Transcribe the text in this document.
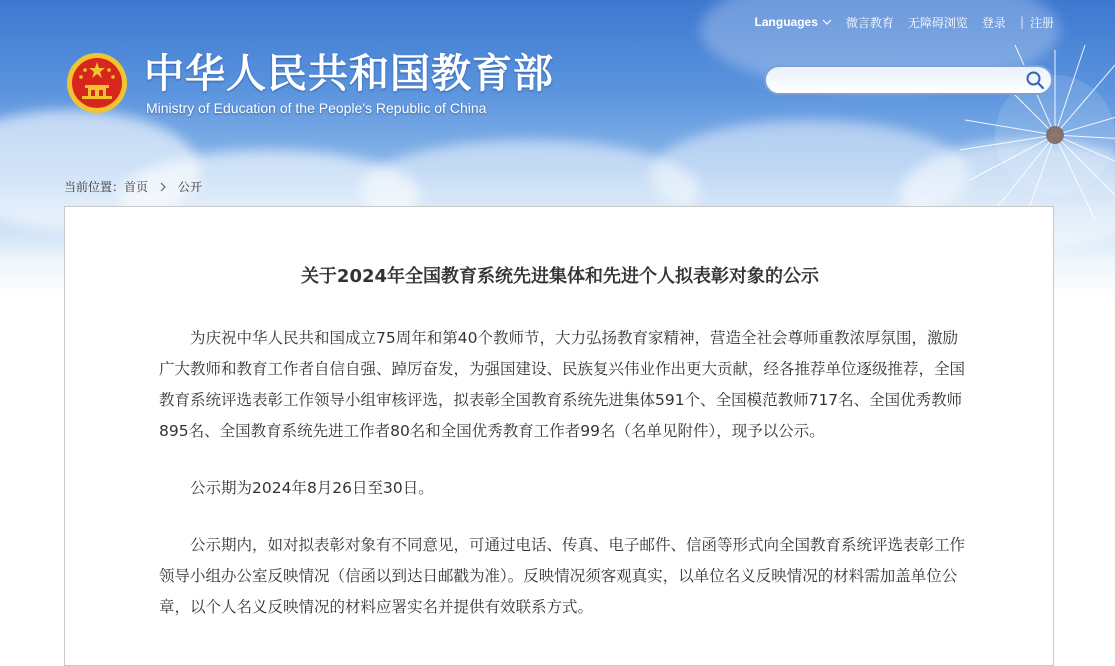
Languages 微言教育 无障碍浏览 登录 | 注册
中华人民共和国教育部
Ministry of Education of the People's Republic of China
当前位置：首页	公开
关于2024年全国教育系统先进集体和先进个人拟表彰对象的公示

为庆祝中华人民共和国成立75周年和第40个教师节，大力弘扬教育家精神，营造全社会尊师重教浓厚氛围，激励广大教师和教育工作者自信自强、踔厉奋发，为强国建设、民族复兴伟业作出更大贡献，经各推荐单位逐级推荐，全国教育系统评选表彰工作领导小组审核评选，拟表彰全国教育系统先进集体591个、全国模范教师717名、全国优秀教师895名、全国教育系统先进工作者80名和全国优秀教育工作者99名（名单见附件），现予以公示。

公示期为2024年8月26日至30日。

公示期内，如对拟表彰对象有不同意见，可通过电话、传真、电子邮件、信函等形式向全国教育系统评选表彰工作领导小组办公室反映情况（信函以到达日邮戳为准）。反映情况须客观真实，以单位名义反映情况的材料需加盖单位公章，以个人名义反映情况的材料应署实名并提供有效联系方式。
